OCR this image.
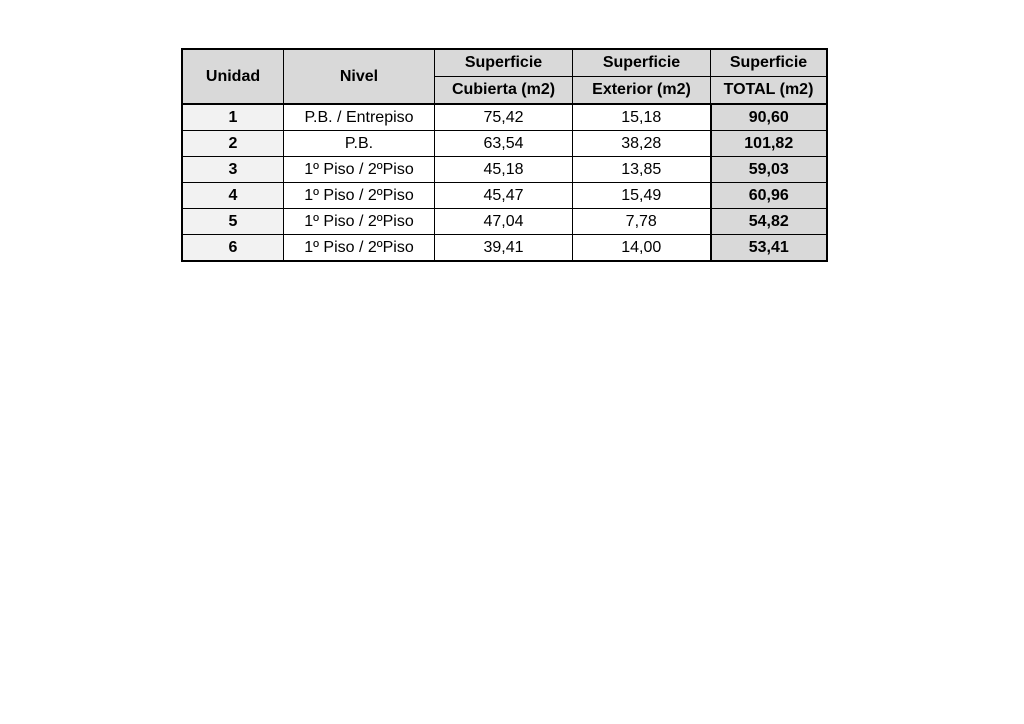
Unidad	Nivel	Superficie	Superficie	Superficie
		Cubierta (m2)	Exterior (m2)	TOTAL (m2)
1	P.B. / Entrepiso	75,42	15,18	90,60
2	P.B.	63,54	38,28	101,82
3	1º Piso / 2ºPiso	45,18	13,85	59,03
4	1º Piso / 2ºPiso	45,47	15,49	60,96
5	1º Piso / 2ºPiso	47,04	7,78	54,82
6	1º Piso / 2ºPiso	39,41	14,00	53,41
